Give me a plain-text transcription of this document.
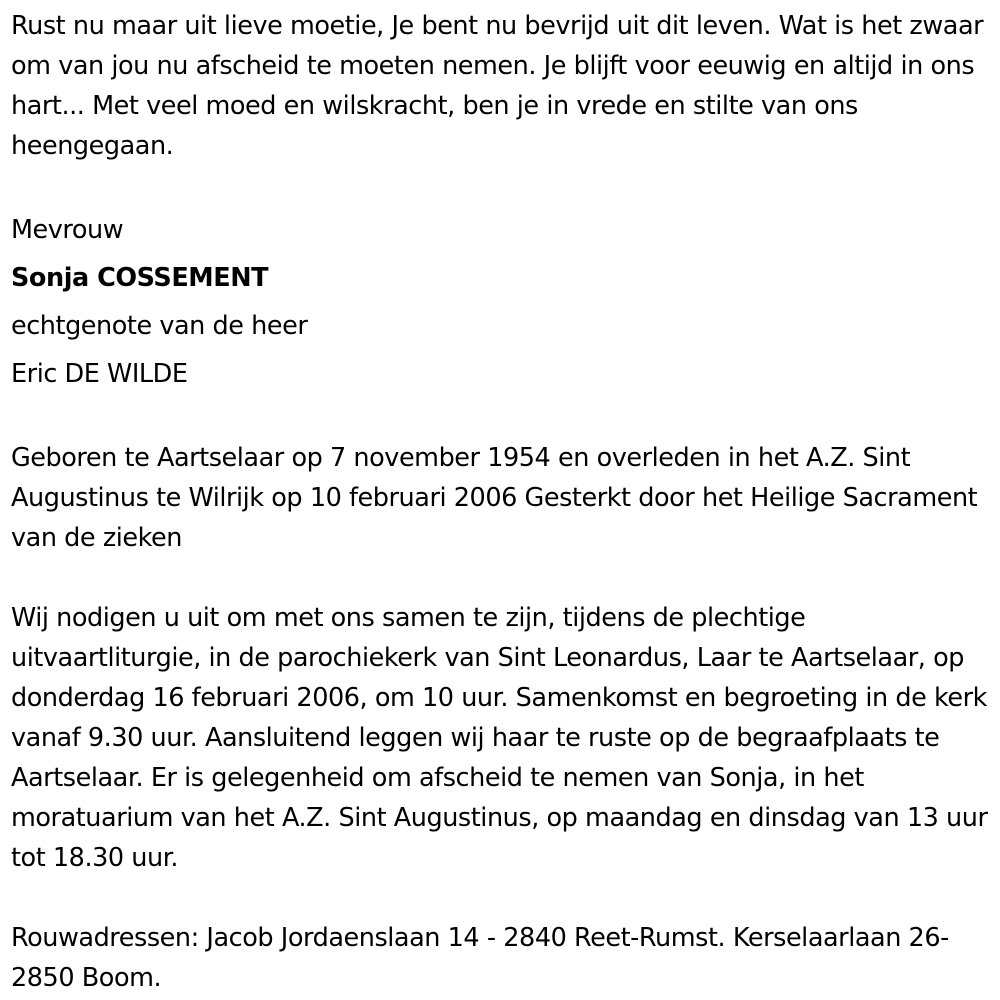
Rust nu maar uit lieve moetie, Je bent nu bevrijd uit dit leven. Wat is het zwaar om van jou nu afscheid te moeten nemen. Je blijft voor eeuwig en altijd in ons hart... Met veel moed en wilskracht, ben je in vrede en stilte van ons heengegaan.

Mevrouw
Sonja COSSEMENT
echtgenote van de heer
Eric DE WILDE

Geboren te Aartselaar op 7 november 1954 en overleden in het A.Z. Sint Augustinus te Wilrijk op 10 februari 2006 Gesterkt door het Heilige Sacrament van de zieken

Wij nodigen u uit om met ons samen te zijn, tijdens de plechtige uitvaartliturgie, in de parochiekerk van Sint Leonardus, Laar te Aartselaar, op donderdag 16 februari 2006, om 10 uur. Samenkomst en begroeting in de kerk vanaf 9.30 uur. Aansluitend leggen wij haar te ruste op de begraafplaats te Aartselaar. Er is gelegenheid om afscheid te nemen van Sonja, in het moratuarium van het A.Z. Sint Augustinus, op maandag en dinsdag van 13 uur tot 18.30 uur.

Rouwadressen: Jacob Jordaenslaan 14 - 2840 Reet-Rumst. Kerselaarlaan 26-2850 Boom.
